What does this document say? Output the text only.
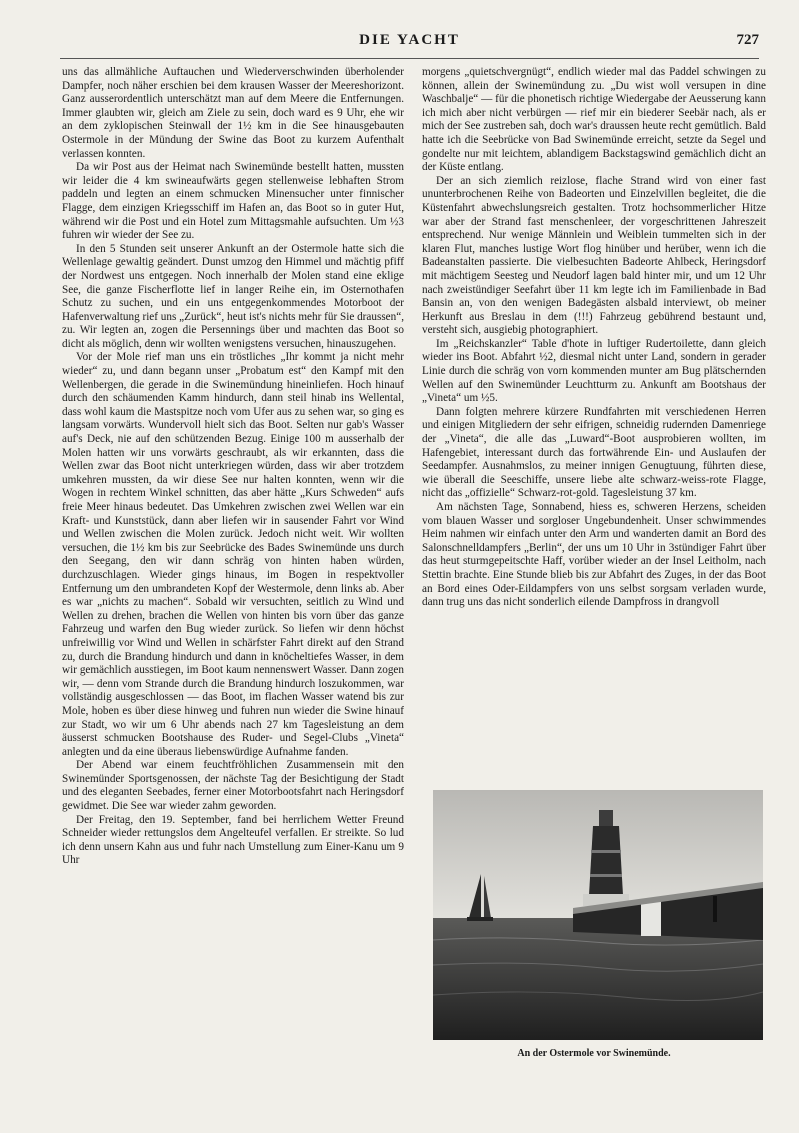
DIE YACHT	727

uns das allmähliche Auftauchen und Wiederverschwinden überholender Dampfer, noch näher erschien bei dem krausen Wasser der Meereshorizont. Ganz ausserordentlich unterschätzt man auf dem Meere die Entfernungen. Immer glaubten wir, gleich am Ziele zu sein, doch ward es 9 Uhr, ehe wir an dem zyklopischen Steinwall der 1½ km in die See hinausgebauten Ostermole in der Mündung der Swine das Boot zu kurzem Aufenthalt verlassen konnten.

Da wir Post aus der Heimat nach Swinemünde bestellt hatten, mussten wir leider die 4 km swineaufwärts gegen stellenweise lebhaften Strom paddeln und legten an einem schmucken Minensucher unter finnischer Flagge, dem einzigen Kriegsschiff im Hafen an, das Boot so in guter Hut, während wir die Post und ein Hotel zum Mittagsmahle aufsuchten. Um ½3 fuhren wir wieder der See zu.

In den 5 Stunden seit unserer Ankunft an der Ostermole hatte sich die Wellenlage gewaltig geändert. Dunst umzog den Himmel und mächtig pfiff der Nordwest uns entgegen. Noch innerhalb der Molen stand eine eklige See, die ganze Fischerflotte lief in langer Reihe ein, im Osternothafen Schutz zu suchen, und ein uns entgegenkommendes Motorboot der Hafenverwaltung rief uns „Zurück“, heut ist's nichts mehr für Sie draussen“, zu. Wir legten an, zogen die Persennings über und machten das Boot so dicht als möglich, denn wir wollten wenigstens versuchen, hinauszugehen.

Vor der Mole rief man uns ein tröstliches „Ihr kommt ja nicht mehr wieder“ zu, und dann begann unser „Probatum est“ den Kampf mit den Wellenbergen, die gerade in die Swinemündung hineinliefen. Hoch hinauf durch den schäumenden Kamm hindurch, dann steil hinab ins Wellental, dass wohl kaum die Mastspitze noch vom Ufer aus zu sehen war, so ging es langsam vorwärts. Wundervoll hielt sich das Boot. Selten nur gab's Wasser auf's Deck, nie auf den schützenden Bezug. Einige 100 m ausserhalb der Molen hatten wir uns vorwärts geschraubt, als wir erkannten, dass die Wellen zwar das Boot nicht unterkriegen würden, dass wir aber trotzdem umkehren mussten, da wir diese See nur halten konnten, wenn wir die Wogen in rechtem Winkel schnitten, das aber hätte „Kurs Schweden“ aufs freie Meer hinaus bedeutet. Das Umkehren zwischen zwei Wellen war ein Kraft- und Kunststück, dann aber liefen wir in sausender Fahrt vor Wind und Wellen zwischen die Molen zurück. Jedoch nicht weit. Wir wollten versuchen, die 1½ km bis zur Seebrücke des Bades Swinemünde uns durch den Seegang, den wir dann schräg von hinten haben würden, durchzuschlagen. Wieder gings hinaus, im Bogen in respektvoller Entfernung um den umbrandeten Kopf der Westermole, denn links ab. Aber es war „nichts zu machen“. Sobald wir versuchten, seitlich zu Wind und Wellen zu drehen, brachen die Wellen von hinten bis vorn über das ganze Fahrzeug und warfen den Bug wieder zurück. So liefen wir denn höchst unfreiwillig vor Wind und Wellen in schärfster Fahrt direkt auf den Strand zu, durch die Brandung hindurch und dann in knöcheltiefes Wasser, in dem wir gemächlich ausstiegen, im Boot kaum nennenswert Wasser. Dann zogen wir, — denn vom Strande durch die Brandung hindurch loszukommen, war vollständig ausgeschlossen — das Boot, im flachen Wasser watend bis zur Mole, hoben es über diese hinweg und fuhren nun wieder die Swine hinauf zur Stadt, wo wir um 6 Uhr abends nach 27 km Tagesleistung an dem äusserst schmucken Bootshause des Ruder- und Segel-Clubs „Vineta“ anlegten und da eine überaus liebenswürdige Aufnahme fanden.

Der Abend war einem feuchtfröhlichen Zusammensein mit den Swinemünder Sportsgenossen, der nächste Tag der Besichtigung der Stadt und des eleganten Seebades, ferner einer Motorbootsfahrt nach Heringsdorf gewidmet. Die See war wieder zahm geworden.

Der Freitag, den 19. September, fand bei herrlichem Wetter Freund Schneider wieder rettungslos dem Angelteufel verfallen. Er streikte. So lud ich denn unsern Kahn aus und fuhr nach Umstellung zum Einer-Kanu um 9 Uhr

morgens „quietschvergnügt“, endlich wieder mal das Paddel schwingen zu können, allein der Swinemündung zu. „Du wist woll versupen in dine Waschbalje“ — für die phonetisch richtige Wiedergabe der Aeusserung kann ich mich aber nicht verbürgen — rief mir ein biederer Seebär nach, als er mich der See zustreben sah, doch war's draussen heute recht gemütlich. Bald hatte ich die Seebrücke von Bad Swinemünde erreicht, setzte da Segel und gondelte nur mit leichtem, ablandigem Backstagswind gemächlich dicht an der Küste entlang.

Der an sich ziemlich reizlose, flache Strand wird von einer fast ununterbrochenen Reihe von Badeorten und Einzelvillen begleitet, die die Küstenfahrt abwechslungsreich gestalten. Trotz hochsommerlicher Hitze war aber der Strand fast menschenleer, der vorgeschrittenen Jahreszeit entsprechend. Nur wenige Männlein und Weiblein tummelten sich in der klaren Flut, manches lustige Wort flog hinüber und herüber, wenn ich die Badeanstalten passierte. Die vielbesuchten Badeorte Ahlbeck, Heringsdorf mit mächtigem Seesteg und Neudorf lagen bald hinter mir, und um 12 Uhr nach zweistündiger Seefahrt über 11 km legte ich im Familienbade in Bad Bansin an, von den wenigen Badegästen alsbald interviewt, ob meiner Herkunft aus Breslau in dem (!!!) Fahrzeug gebührend bestaunt und, versteht sich, ausgiebig photographiert.

Im „Reichskanzler“ Table d'hote in luftiger Rudertoilette, dann gleich wieder ins Boot. Abfahrt ½2, diesmal nicht unter Land, sondern in gerader Linie durch die schräg von vorn kommenden munter am Bug plätschernden Wellen auf den Swinemünder Leuchtturm zu. Ankunft am Bootshaus der „Vineta“ um ½5.

Dann folgten mehrere kürzere Rundfahrten mit verschiedenen Herren und einigen Mitgliedern der sehr eifrigen, schneidig rudernden Damenriege der „Vineta“, die alle das „Luward“-Boot ausprobieren wollten, im Hafengebiet, interessant durch das fortwährende Ein- und Auslaufen der Seedampfer. Ausnahmslos, zu meiner innigen Genugtuung, führten diese, wie überall die Seeschiffe, unsere liebe alte schwarz-weiss-rote Flagge, nicht das „offizielle“ Schwarz-rot-gold. Tagesleistung 37 km.

Am nächsten Tage, Sonnabend, hiess es, schweren Herzens, scheiden vom blauen Wasser und sorgloser Ungebundenheit. Unser schwimmendes Heim nahmen wir einfach unter den Arm und wanderten damit an Bord des Salonschnelldampfers „Berlin“, der uns um 10 Uhr in 3stündiger Fahrt über das heut sturmgepeitschte Haff, vorüber wieder an der Insel Leitholm, nach Stettin brachte. Eine Stunde blieb bis zur Abfahrt des Zuges, in der das Boot an Bord eines Oder-Eildampfers von uns selbst sorgsam verladen wurde, dann trug uns das nicht sonderlich eilende Dampfross in drangvoll

An der Ostermole vor Swinemünde.
